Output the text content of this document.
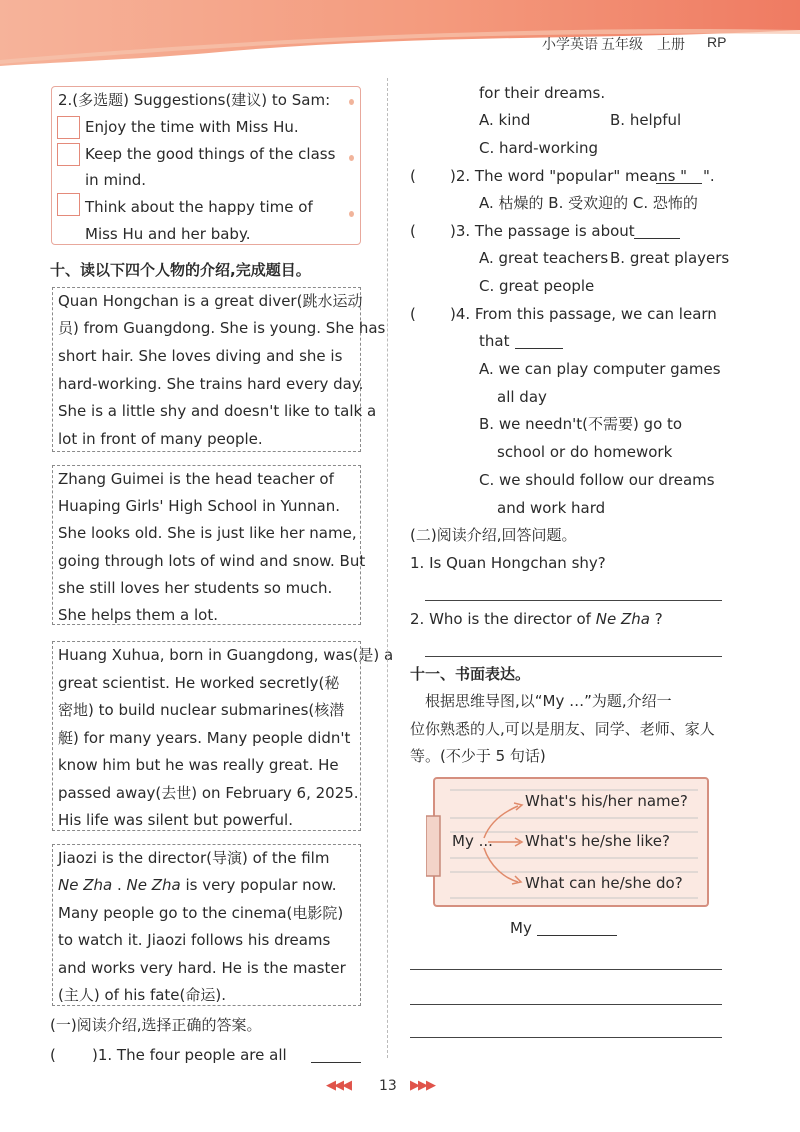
小学英语 五年级 上册 RP
2.(多选题) Suggestions(建议) to Sam:
Enjoy the time with Miss Hu.
Keep the good things of the class
in mind.
Think about the happy time of
Miss Hu and her baby.
十、读以下四个人物的介绍,完成题目。
Quan Hongchan is a great diver(跳水运动
员) from Guangdong. She is young. She has
short hair. She loves diving and she is
hard-working. She trains hard every day.
She is a little shy and doesn't like to talk a
lot in front of many people.
Zhang Guimei is the head teacher of
Huaping Girls' High School in Yunnan.
She looks old. She is just like her name,
going through lots of wind and snow. But
she still loves her students so much.
She helps them a lot.
Huang Xuhua, born in Guangdong, was(是) a
great scientist. He worked secretly(秘
密地) to build nuclear submarines(核潜
艇) for many years. Many people didn't
know him but he was really great. He
passed away(去世) on February 6, 2025.
His life was silent but powerful.
Jiaozi is the director(导演) of the film
Ne Zha . Ne Zha is very popular now.
Many people go to the cinema(电影院)
to watch it. Jiaozi follows his dreams
and works very hard. He is the master
(主人) of his fate(命运).
(一)阅读介绍,选择正确的答案。
( )1. The four people are all
for their dreams.
A. kind	B. helpful
C. hard-working
( )2. The word "popular" means " ".
A. 枯燥的 B. 受欢迎的 C. 恐怖的
( )3. The passage is about
A. great teachers B. great players
C. great people
( )4. From this passage, we can learn
that
A. we can play computer games
all day
B. we needn't(不需要) go to
school or do homework
C. we should follow our dreams
and work hard
(二)阅读介绍,回答问题。
1. Is Quan Hongchan shy?
2. Who is the director of Ne Zha ?
十一、书面表达。
根据思维导图,以“My …”为题,介绍一
位你熟悉的人,可以是朋友、同学、老师、家人
等。(不少于 5 句话)
My ...
What's his/her name?
What's he/she like?
What can he/she do?
My
◀◀◀ 13 ▶▶▶
